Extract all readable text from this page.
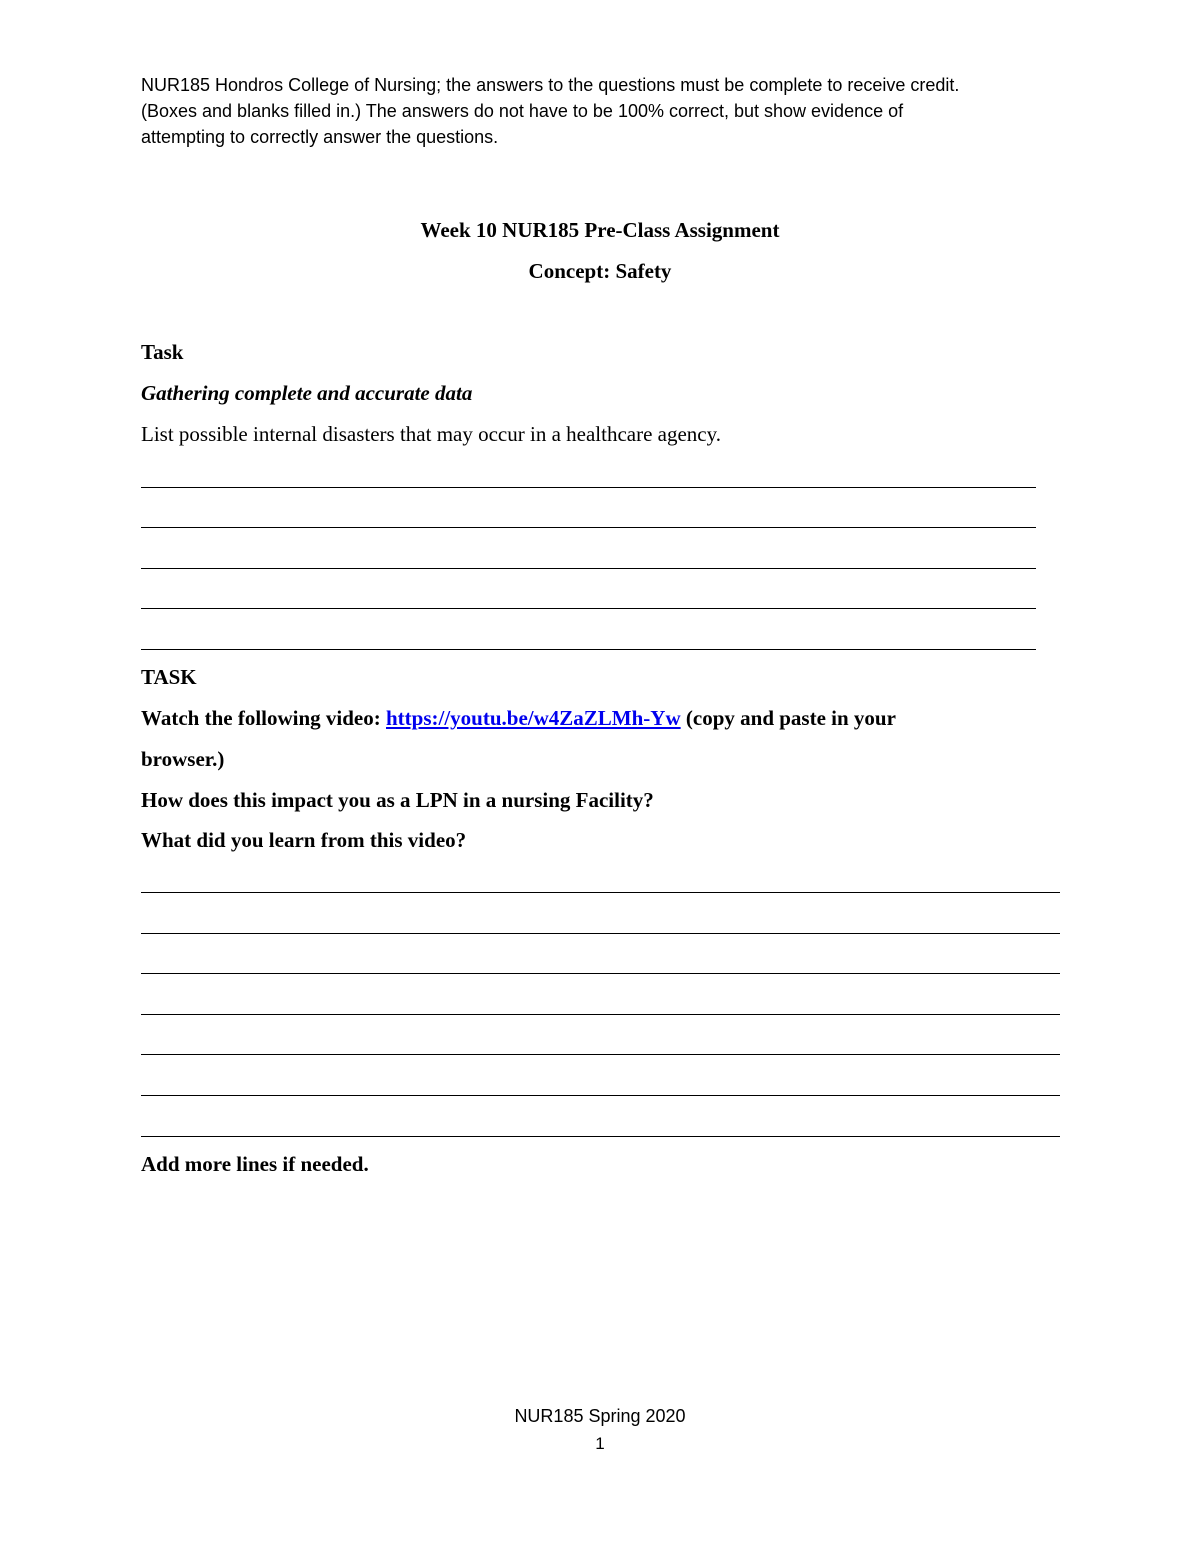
NUR185 Hondros College of Nursing; the answers to the questions must be complete to receive credit.
(Boxes and blanks filled in.) The answers do not have to be 100% correct, but show evidence of
attempting to correctly answer the questions.
Week 10 NUR185 Pre-Class Assignment
Concept: Safety
Task
Gathering complete and accurate data
List possible internal disasters that may occur in a healthcare agency.
TASK
Watch the following video: https://youtu.be/w4ZaZLMh-Yw (copy and paste in your
browser.)
How does this impact you as a LPN in a nursing Facility?
What did you learn from this video?
Add more lines if needed.
NUR185 Spring 2020
1
